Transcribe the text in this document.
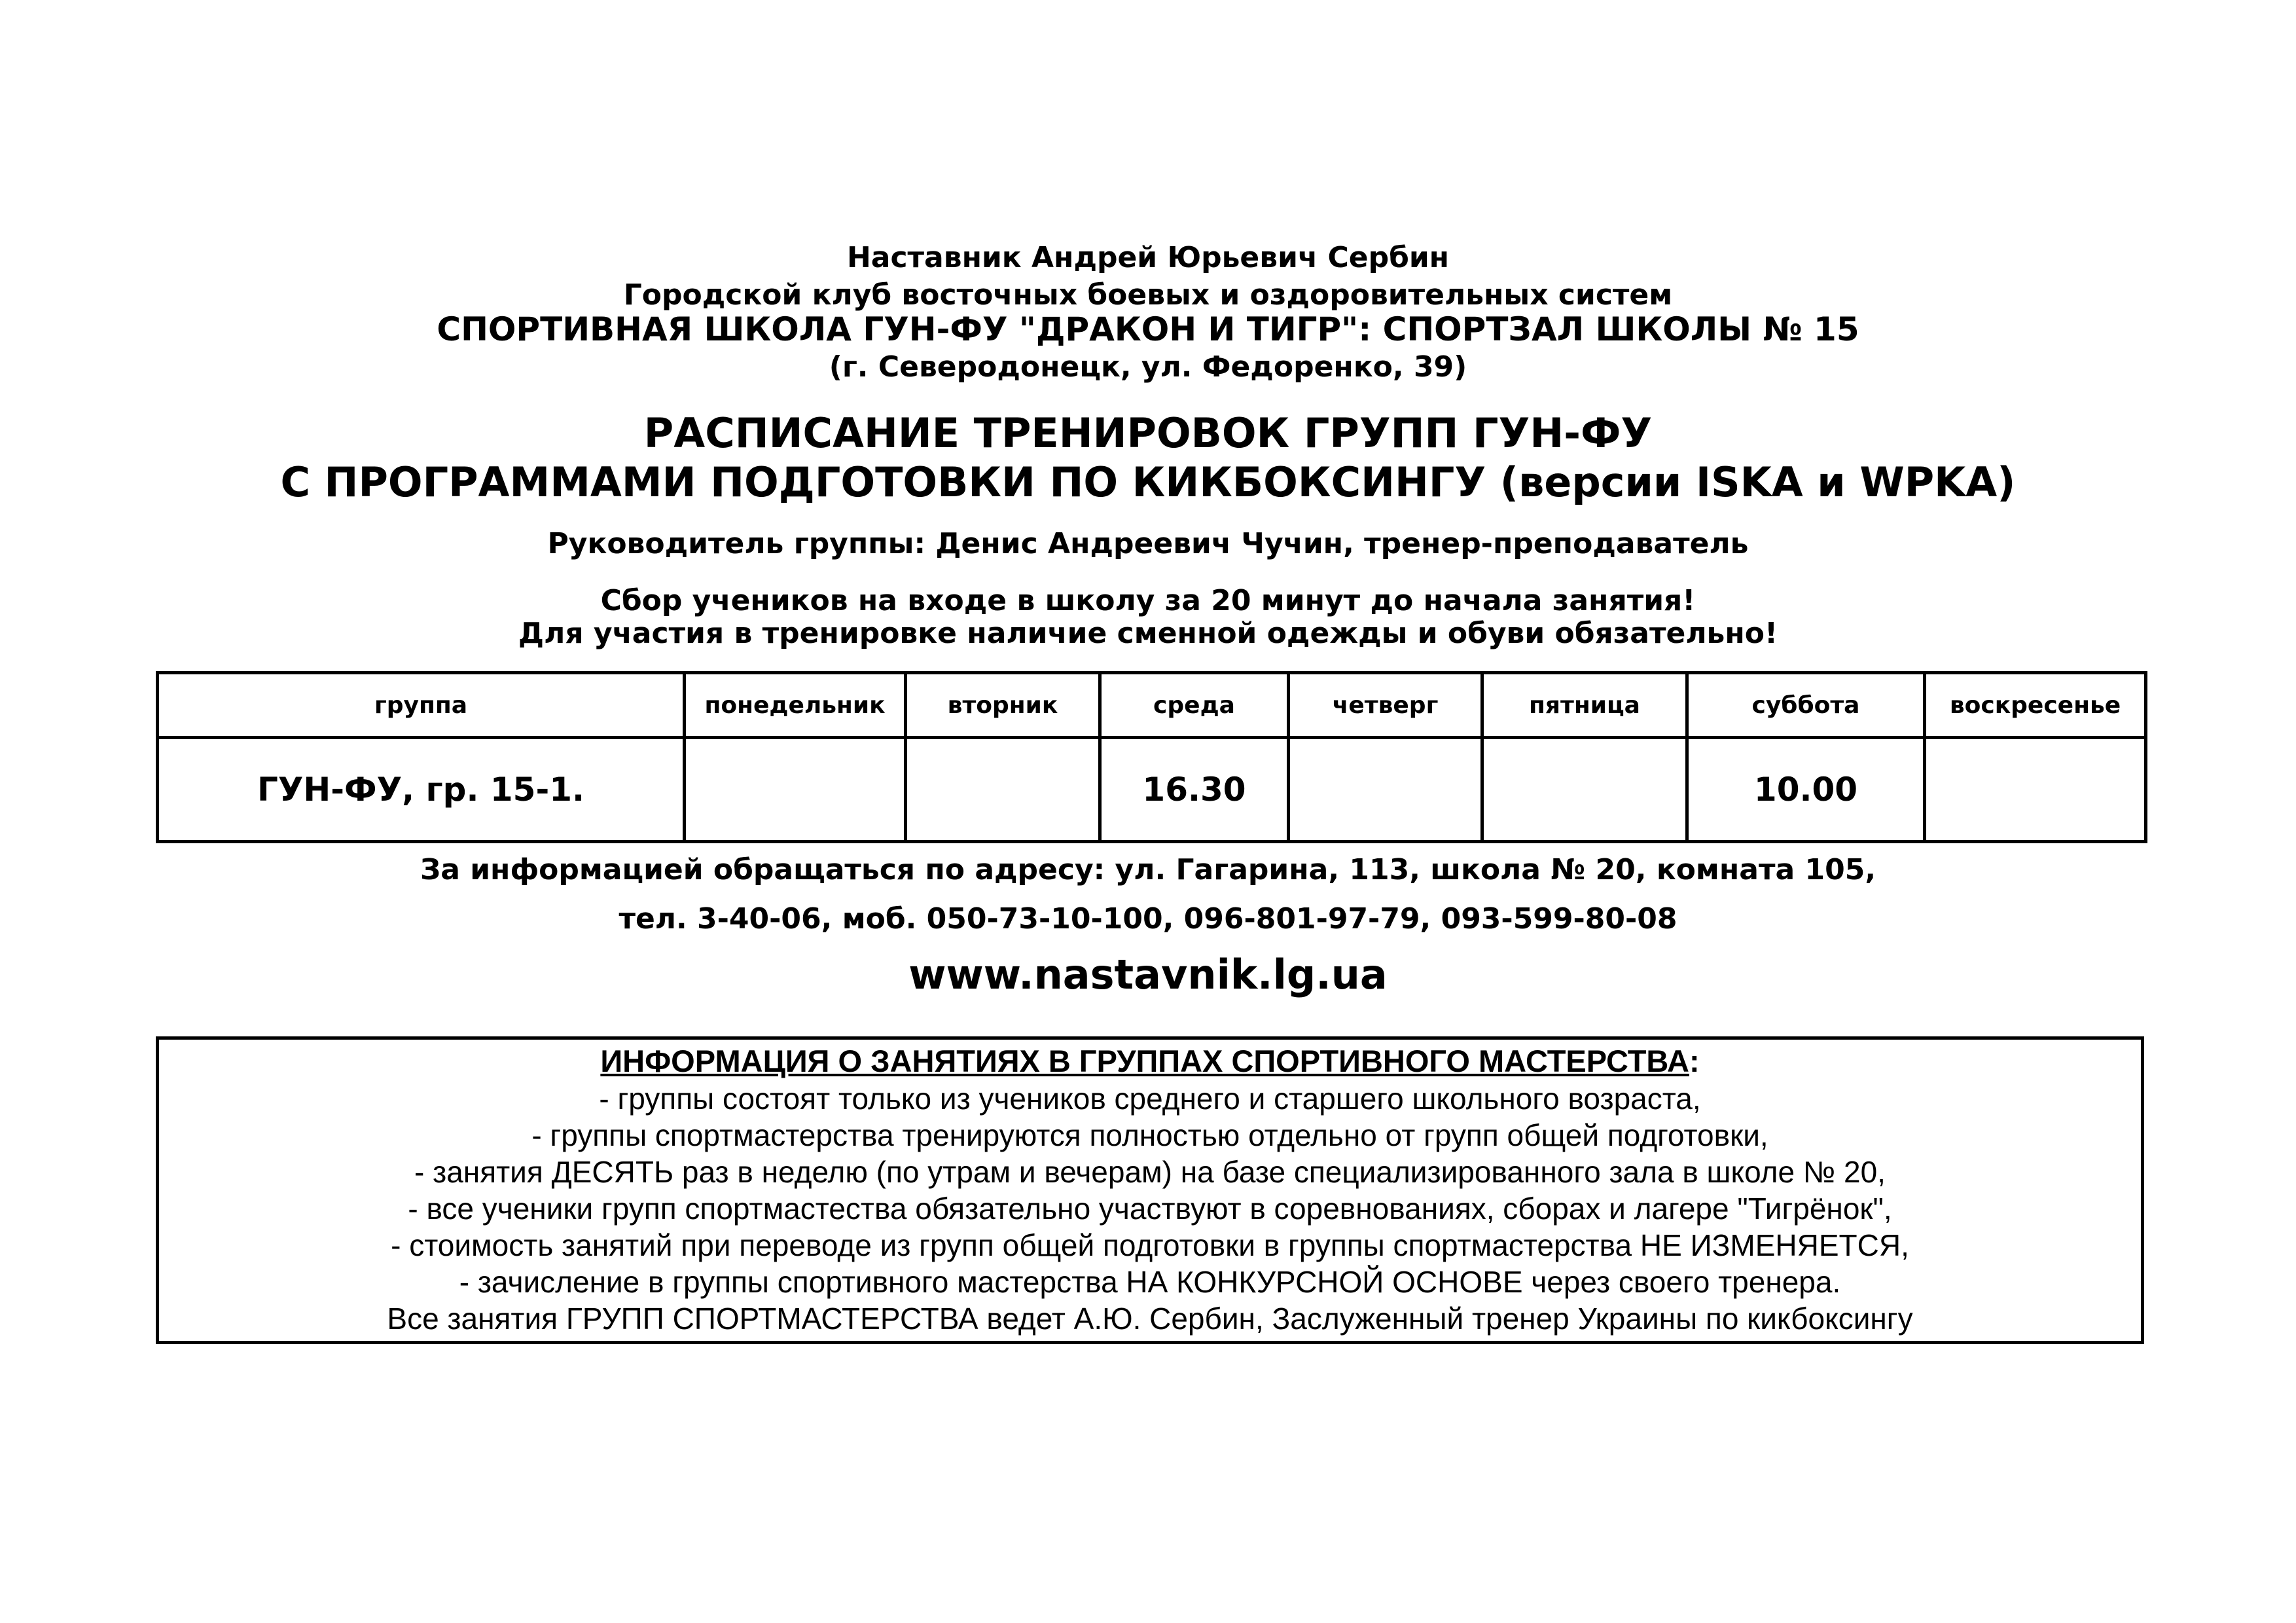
Наставник Андрей Юрьевич Сербин
Городской клуб восточных боевых и оздоровительных систем
СПОРТИВНАЯ ШКОЛА ГУН-ФУ "ДРАКОН И ТИГР": СПОРТЗАЛ ШКОЛЫ № 15
(г. Северодонецк, ул. Федоренко, 39)
РАСПИСАНИЕ ТРЕНИРОВОК ГРУПП ГУН-ФУ
С ПРОГРАММАМИ ПОДГОТОВКИ ПО КИКБОКСИНГУ (версии ISKA и WPKA)
Руководитель группы: Денис Андреевич Чучин, тренер-преподаватель
Сбор учеников на входе в школу за 20 минут до начала занятия!
Для участия в тренировке наличие сменной одежды и обуви обязательно!
группа	понедельник	вторник	среда	четверг	пятница	суббота	воскресенье
ГУН-ФУ, гр. 15-1.			16.30			10.00	
За информацией обращаться по адресу: ул. Гагарина, 113, школа № 20, комната 105,
тел. 3-40-06, моб. 050-73-10-100, 096-801-97-79, 093-599-80-08
www.nastavnik.lg.ua
ИНФОРМАЦИЯ О ЗАНЯТИЯХ В ГРУППАХ СПОРТИВНОГО МАСТЕРСТВА:
- группы состоят только из учеников среднего и старшего школьного возраста,
- группы спортмастерства тренируются полностью отдельно от групп общей подготовки,
- занятия ДЕСЯТЬ раз в неделю (по утрам и вечерам) на базе специализированного зала в школе № 20,
- все ученики групп спортмастества обязательно участвуют в соревнованиях, сборах и лагере "Тигрёнок",
- стоимость занятий при переводе из групп общей подготовки в группы спортмастерства НЕ ИЗМЕНЯЕТСЯ,
- зачисление в группы спортивного мастерства НА КОНКУРСНОЙ ОСНОВЕ через своего тренера.
Все занятия ГРУПП СПОРТМАСТЕРСТВА ведет А.Ю. Сербин, Заслуженный тренер Украины по кикбоксингу
